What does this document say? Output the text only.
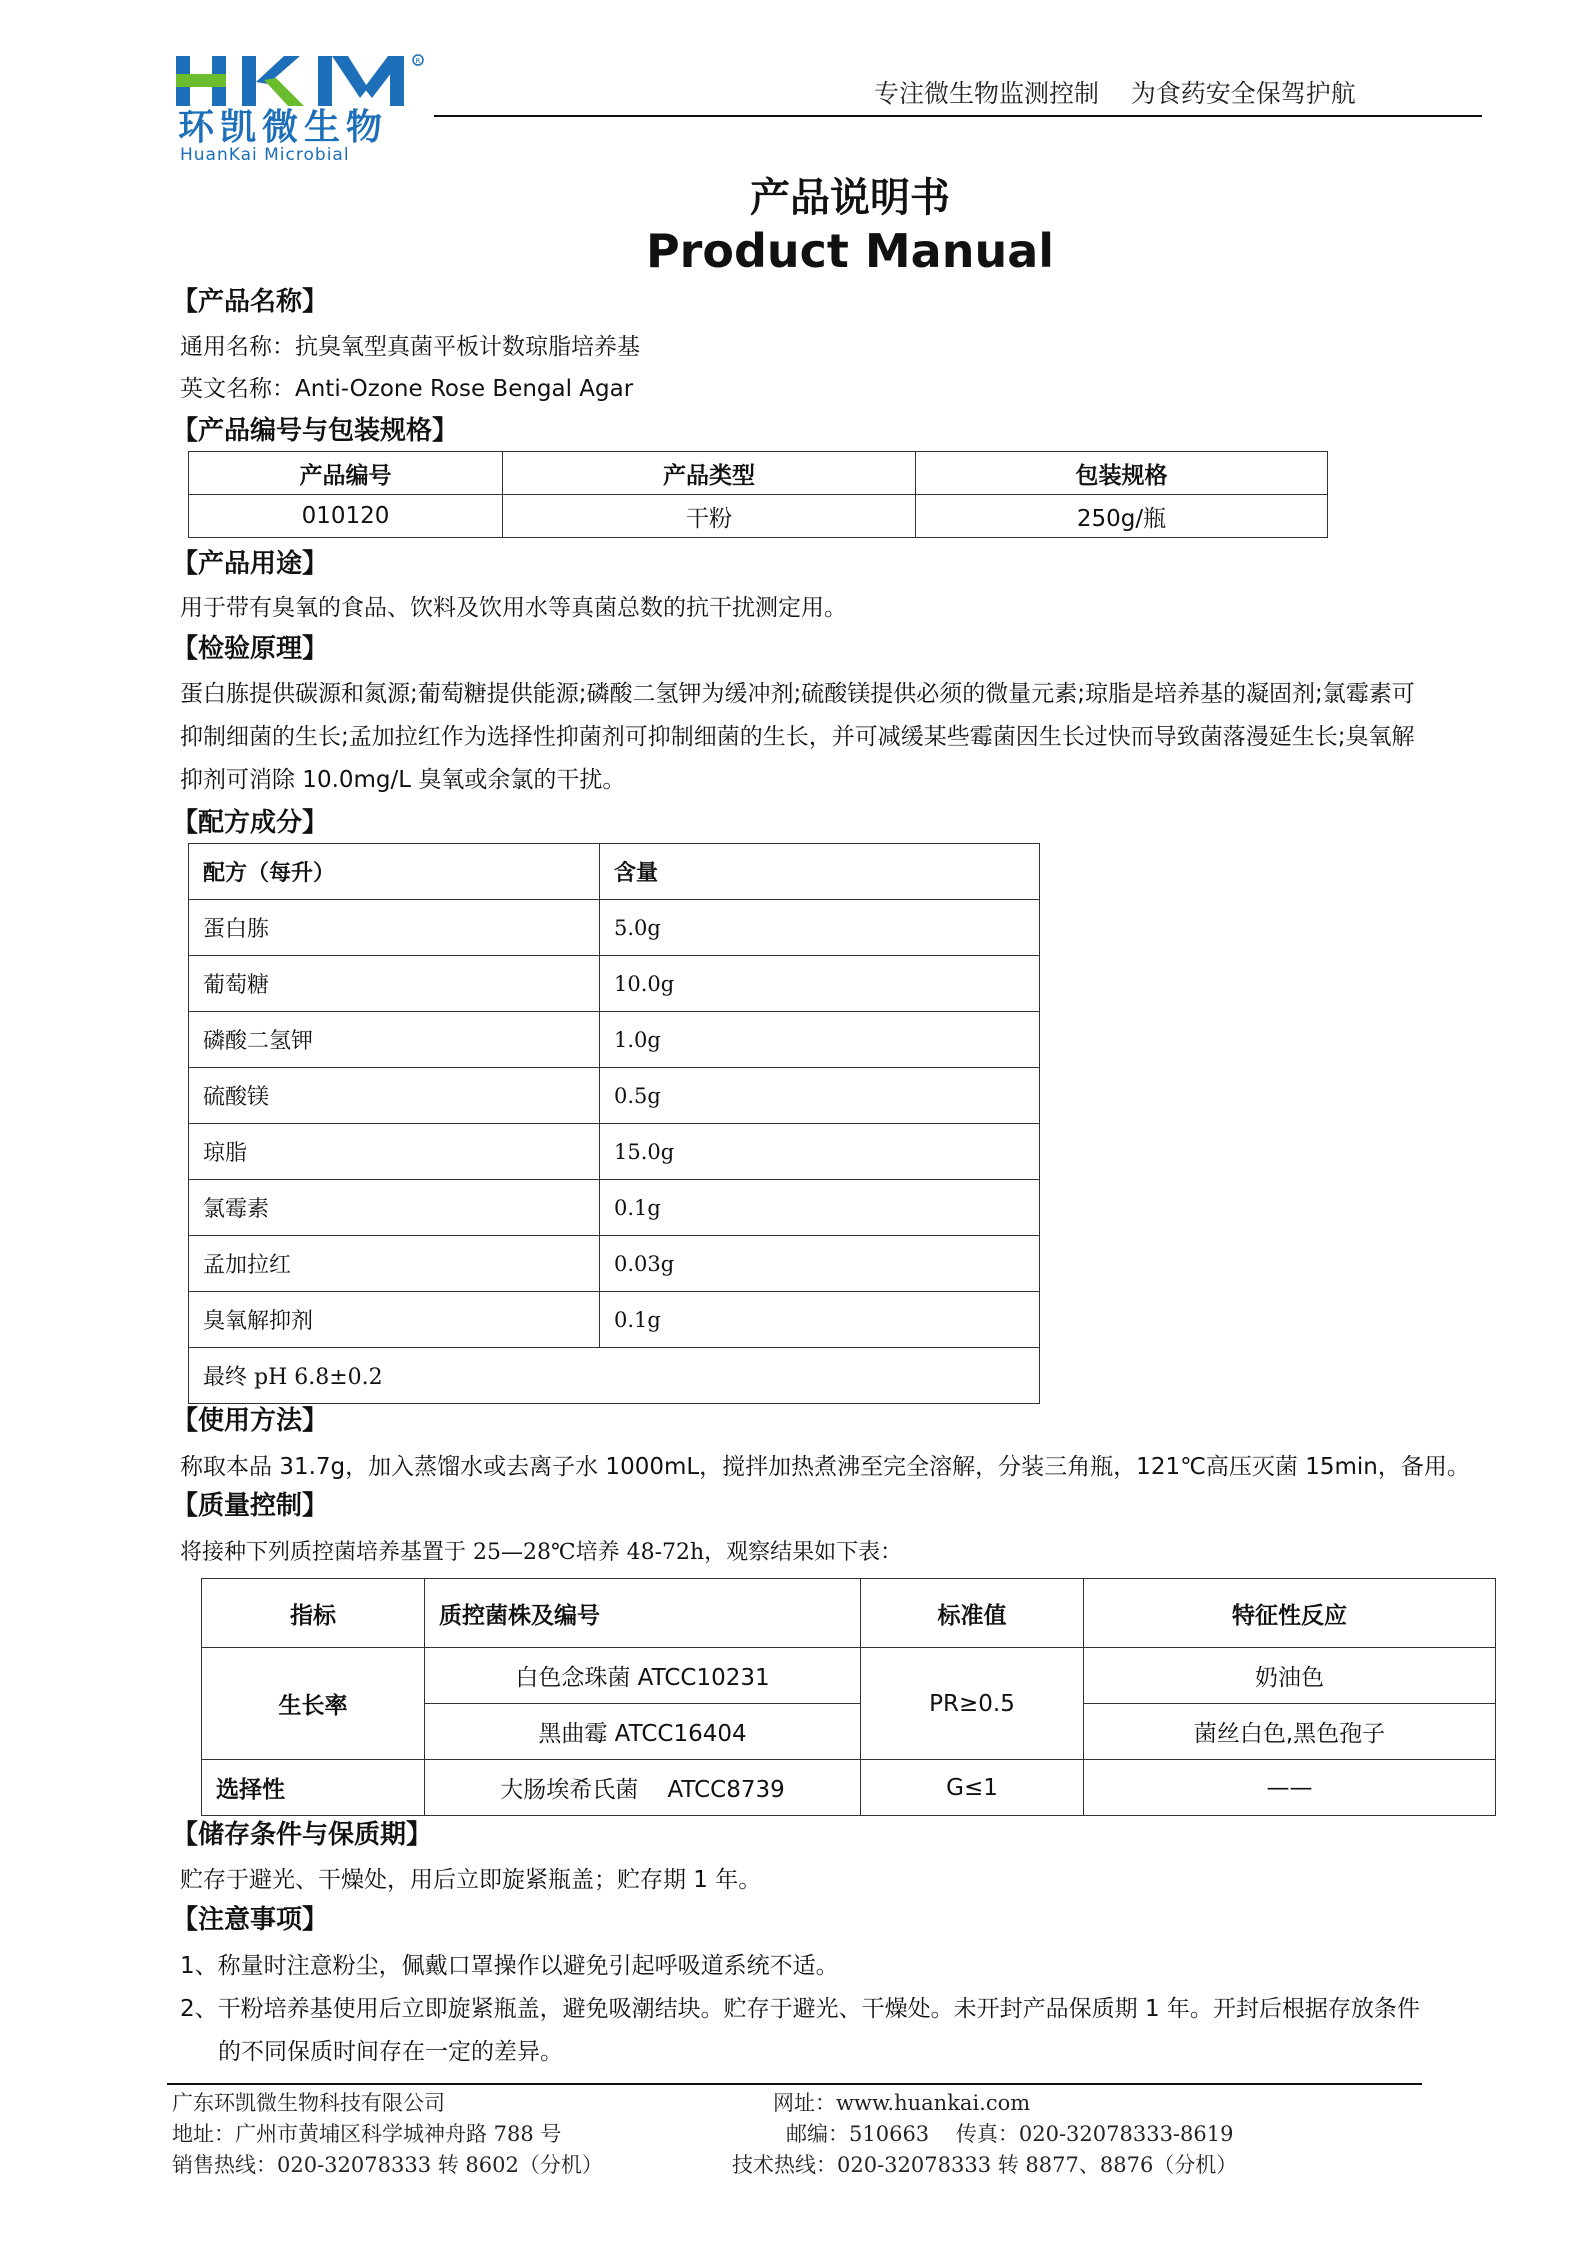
R
环凯微生物
HuanKai Microbial
专注微生物监测控制    为食药安全保驾护航
产品说明书
Product Manual
【产品名称】
通用名称：抗臭氧型真菌平板计数琼脂培养基
英文名称：Anti-Ozone Rose Bengal Agar
【产品编号与包装规格】
产品编号	产品类型	包装规格
010120	干粉	250g/瓶
【产品用途】
用于带有臭氧的食品、饮料及饮用水等真菌总数的抗干扰测定用。
【检验原理】
蛋白胨提供碳源和氮源;葡萄糖提供能源;磷酸二氢钾为缓冲剂;硫酸镁提供必须的微量元素;琼脂是培养基的凝固剂;氯霉素可
抑制细菌的生长;孟加拉红作为选择性抑菌剂可抑制细菌的生长，并可减缓某些霉菌因生长过快而导致菌落漫延生长;臭氧解
抑剂可消除 10.0mg/L 臭氧或余氯的干扰。
【配方成分】
配方（每升）	含量
蛋白胨	5.0g
葡萄糖	10.0g
磷酸二氢钾	1.0g
硫酸镁	0.5g
琼脂	15.0g
氯霉素	0.1g
孟加拉红	0.03g
臭氧解抑剂	0.1g
最终 pH 6.8±0.2	
【使用方法】
称取本品 31.7g，加入蒸馏水或去离子水 1000mL，搅拌加热煮沸至完全溶解，分装三角瓶，121℃高压灭菌 15min，备用。
【质量控制】
将接种下列质控菌培养基置于 25—28℃培养 48-72h，观察结果如下表：
指标	质控菌株及编号	标准值	特征性反应
生长率	白色念珠菌 ATCC10231	PR≥0.5	奶油色
	黑曲霉 ATCC16404		菌丝白色,黑色孢子
选择性	大肠埃希氏菌    ATCC8739	G≤1	——
【储存条件与保质期】
贮存于避光、干燥处，用后立即旋紧瓶盖；贮存期 1 年。
【注意事项】
1、称量时注意粉尘，佩戴口罩操作以避免引起呼吸道系统不适。
2、干粉培养基使用后立即旋紧瓶盖，避免吸潮结块。贮存于避光、干燥处。未开封产品保质期 1 年。开封后根据存放条件
的不同保质时间存在一定的差异。
广东环凯微生物科技有限公司	网址：www.huankai.com
地址：广州市黄埔区科学城神舟路 788 号	邮编：510663    传真：020-32078333-8619
销售热线：020-32078333 转 8602（分机）	技术热线：020-32078333 转 8877、8876（分机）
